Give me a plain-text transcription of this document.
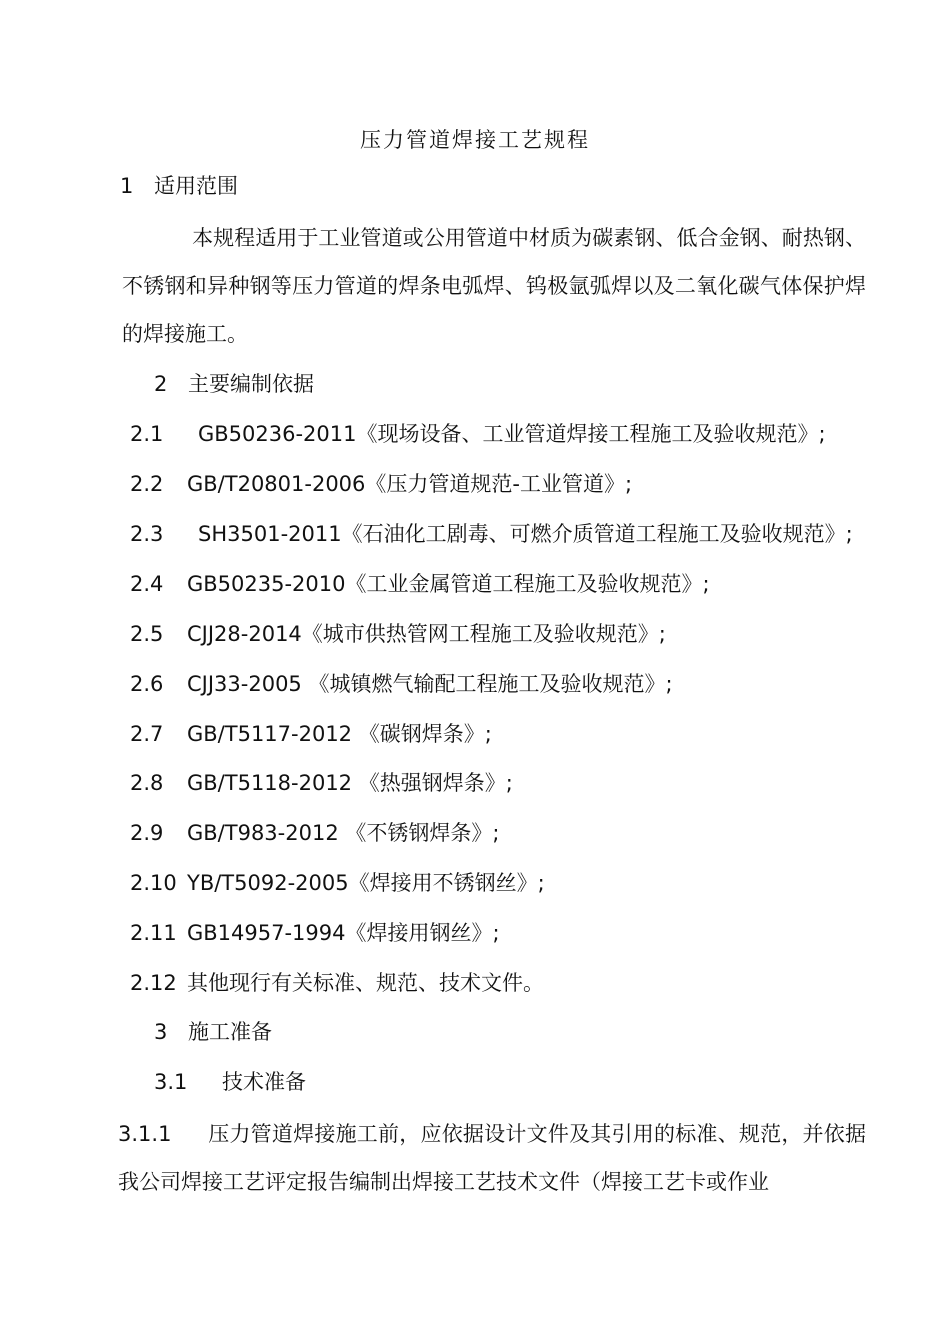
压力管道焊接工艺规程
1 适用范围
本规程适用于工业管道或公用管道中材质为碳素钢、低合金钢、耐热钢、不锈钢和异种钢等压力管道的焊条电弧焊、钨极氩弧焊以及二氧化碳气体保护焊的焊接施工。
2 主要编制依据
2.1 GB50236-2011《现场设备、工业管道焊接工程施工及验收规范》;
2.2 GB/T20801-2006《压力管道规范-工业管道》;
2.3 SH3501-2011《石油化工剧毒、可燃介质管道工程施工及验收规范》;
2.4 GB50235-2010《工业金属管道工程施工及验收规范》;
2.5 CJJ28-2014《城市供热管网工程施工及验收规范》;
2.6 CJJ33-2005 《城镇燃气输配工程施工及验收规范》;
2.7 GB/T5117-2012 《碳钢焊条》;
2.8 GB/T5118-2012 《热强钢焊条》;
2.9 GB/T983-2012 《不锈钢焊条》;
2.10 YB/T5092-2005《焊接用不锈钢丝》;
2.11 GB14957-1994《焊接用钢丝》;
2.12 其他现行有关标准、规范、技术文件。
3 施工准备
3.1 技术准备
3.1.1 压力管道焊接施工前，应依据设计文件及其引用的标准、规范，并依据我公司焊接工艺评定报告编制出焊接工艺技术文件（焊接工艺卡或作业
